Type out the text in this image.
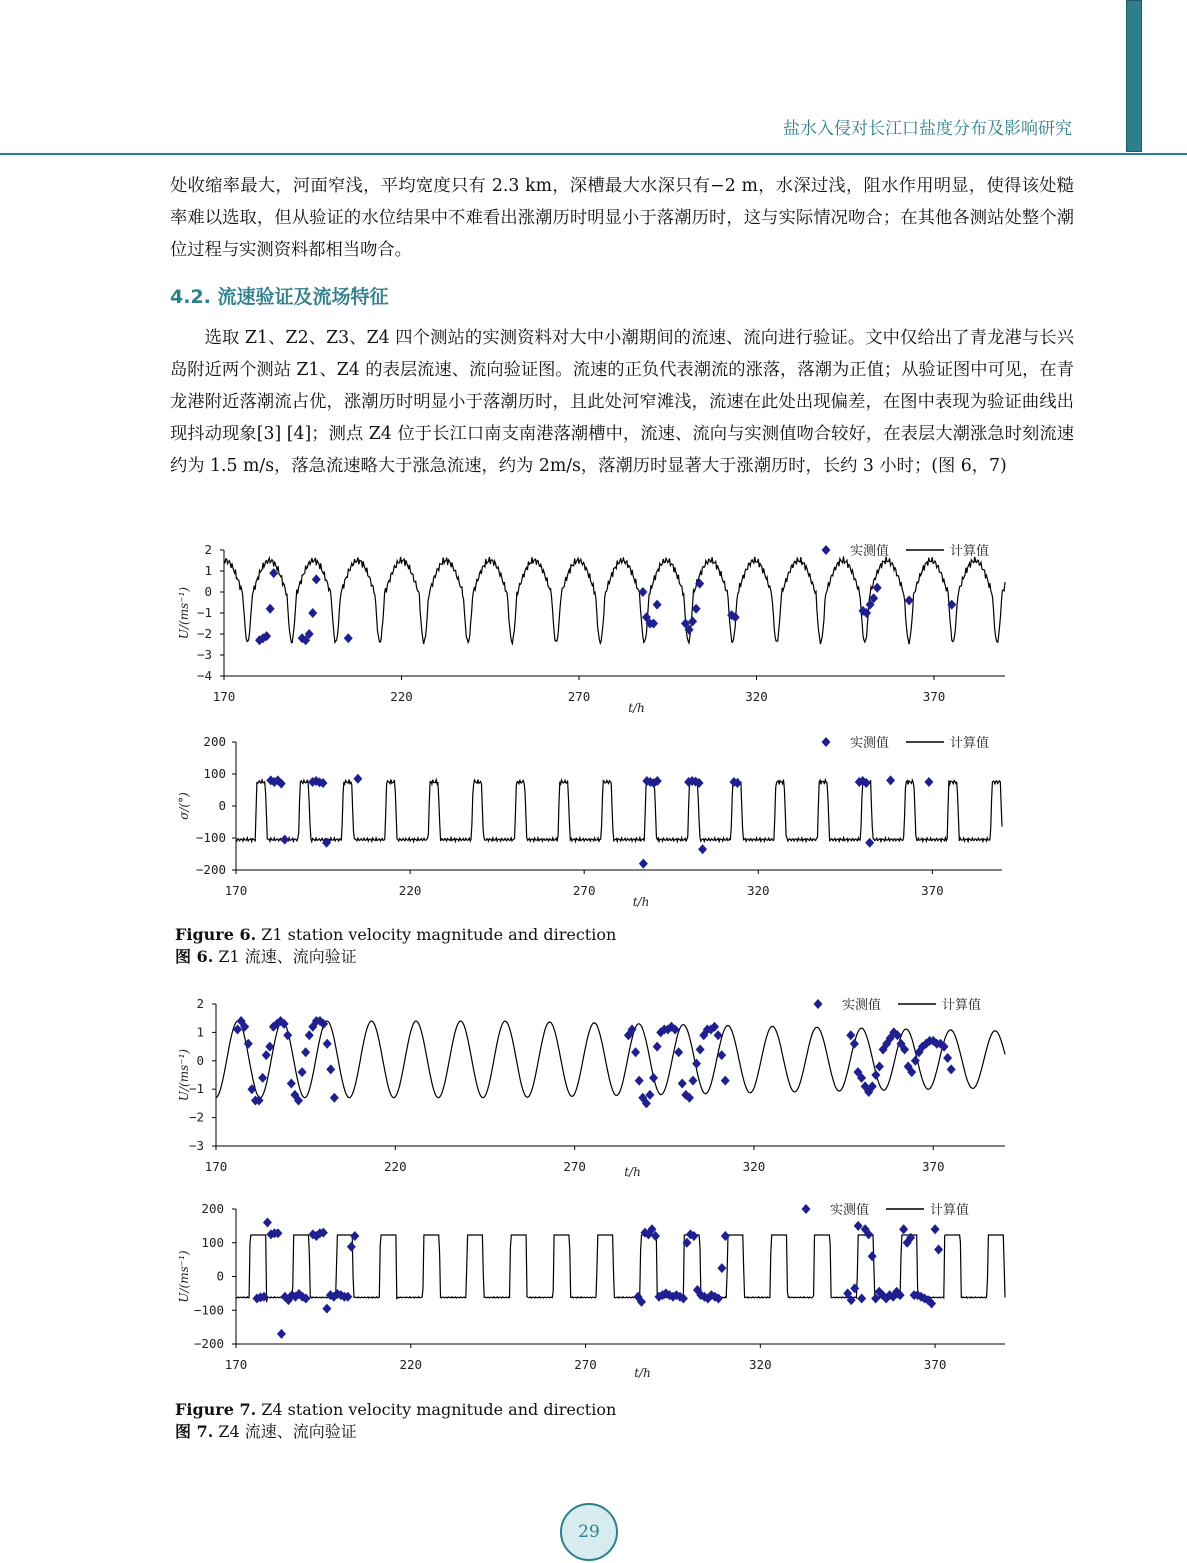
盐水入侵对长江口盐度分布及影响研究

处收缩率最大，河面窄浅，平均宽度只有 2.3 km，深槽最大水深只有−2 m，水深过浅，阻水作用明显，使得该处糙率难以选取，但从验证的水位结果中不难看出涨潮历时明显小于落潮历时，这与实际情况吻合；在其他各测站处整个潮位过程与实测资料都相当吻合。

4.2. 流速验证及流场特征

选取 Z1、Z2、Z3、Z4 四个测站的实测资料对大中小潮期间的流速、流向进行验证。文中仅给出了青龙港与长兴岛附近两个测站 Z1、Z4 的表层流速、流向验证图。流速的正负代表潮流的涨落，落潮为正值；从验证图中可见，在青龙港附近落潮流占优，涨潮历时明显小于落潮历时，且此处河窄滩浅，流速在此处出现偏差，在图中表现为验证曲线出现抖动现象[3] [4]；测点 Z4 位于长江口南支南港落潮槽中，流速、流向与实测值吻合较好，在表层大潮涨急时刻流速约为 1.5 m/s，落急流速略大于涨急流速，约为 2m/s，落潮历时显著大于涨潮历时，长约 3 小时；(图 6，7)

2
1
0
−1
−2
−3
−4
170	220	270	320	370
t/h
U/(ms⁻¹)
实测值	计算值
200
100
0
−100
−200
170	220	270	320	370
t/h
σ/(°)
实测值	计算值
Figure 6. Z1 station velocity magnitude and direction
图 6. Z1 流速、流向验证
2
1
0
−1
−2
−3
170	220	270	320	370
t/h
U/(ms⁻¹)
实测值	计算值
200
100
0
−100
−200
170	220	270	320	370
t/h
U/(ms⁻¹)
实测值	计算值
Figure 7. Z4 station velocity magnitude and direction
图 7. Z4 流速、流向验证
29
